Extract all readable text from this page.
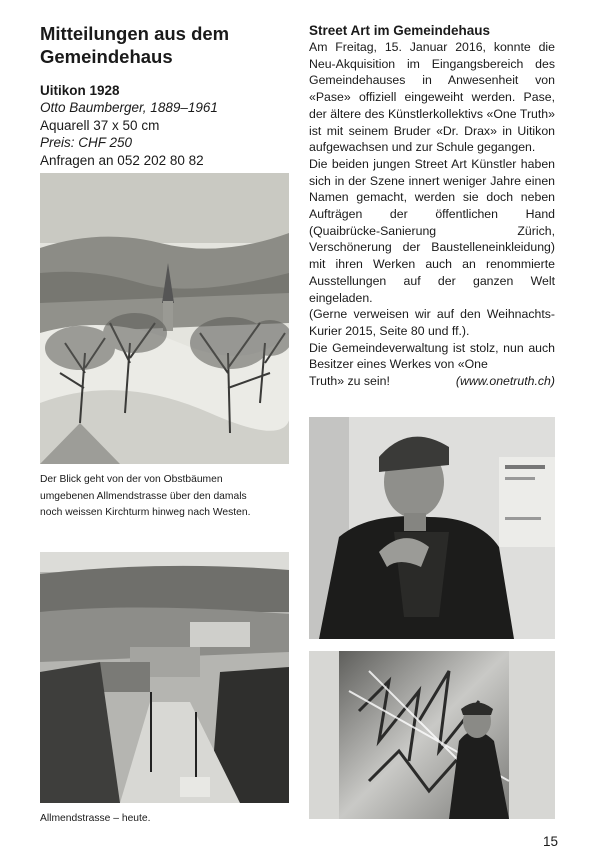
Mitteilungen aus dem
Gemeindehaus
Uitikon 1928
Otto Baumberger, 1889–1961
Aquarell 37 x 50 cm
Preis: CHF 250
Anfragen an 052 202 80 82
Der Blick geht von der von Obstbäumen
umgebenen Allmendstrasse über den damals
noch weissen Kirchturm hinweg nach Westen.
Allmendstrasse – heute.
Street Art im Gemeindehaus

Am Freitag, 15. Januar 2016, konnte die Neu-Akquisition im Eingangsbereich des Gemeindehauses in Anwesenheit von «Pase» offiziell eingeweiht werden. Pase, der ältere des Künstlerkollektivs «One Truth» ist mit seinem Bruder «Dr. Drax» in Uitikon aufgewachsen und zur Schule gegangen.

Die beiden jungen Street Art Künstler haben sich in der Szene innert weniger Jahre einen Namen gemacht, werden sie doch neben Aufträgen der öffentlichen Hand (Quaibrücke-Sanierung Zürich, Verschönerung der Baustelleneinkleidung) mit ihren Werken auch an renommierte Ausstellungen auf der ganzen Welt eingeladen.

(Gerne verweisen wir auf den Weihnachts-Kurier 2015, Seite 80 und ff.).

Die Gemeindeverwaltung ist stolz, nun auch Besitzer eines Werkes von «One

Truth» zu sein!	(www.onetruth.ch)
15
